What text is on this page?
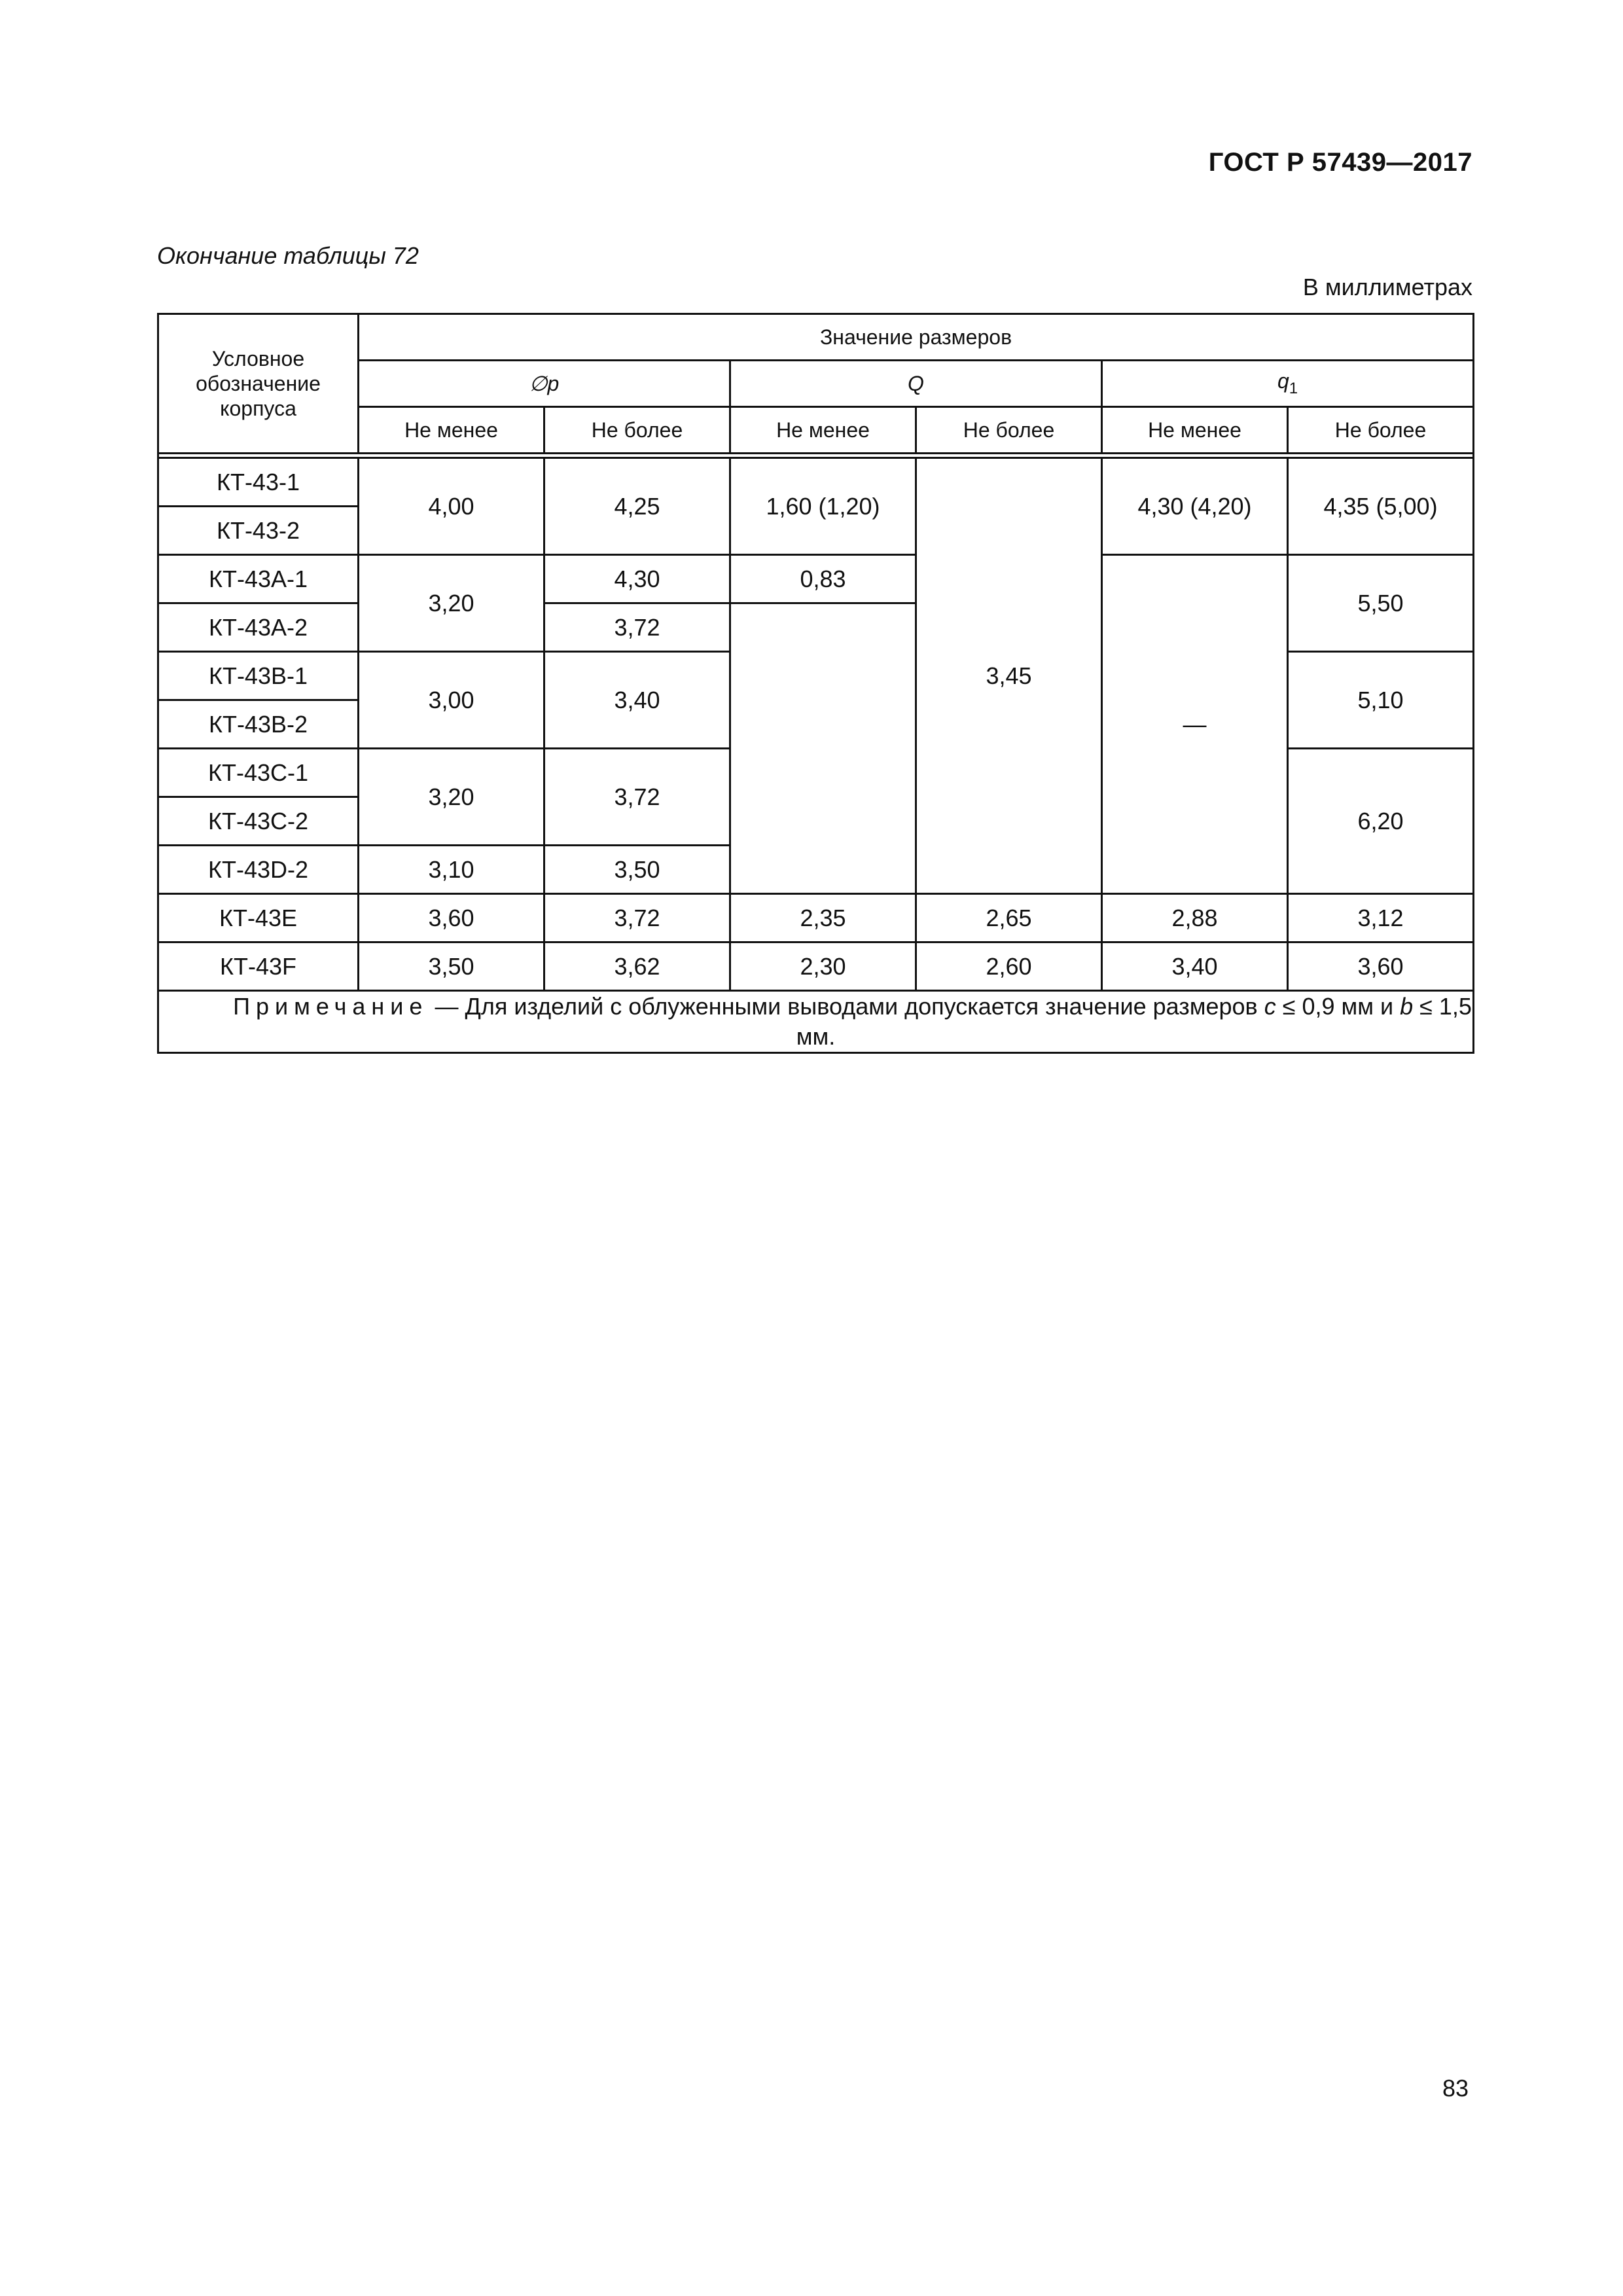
ГОСТ Р 57439—2017
Окончание таблицы 72
В миллиметрах
Условное обозначение корпуса	Значение размеров					
	∅p		Q		$q_1$
	Не менее	Не более	Не менее	Не более	Не менее	Не более

КТ-43-1	4,00	4,25	1,60 (1,20)	3,45	4,30 (4,20)	4,35 (5,00)
КТ-43-2						
КТ-43А-1	3,20	4,30	0,83		—	5,50
КТ-43А-2		3,72				
КТ-43В-1	3,00	3,40				5,10
КТ-43В-2						
КТ-43С-1	3,20	3,72				6,20
КТ-43С-2						
КТ-43D-2	3,10	3,50				
КТ-43Е	3,60	3,72	2,35	2,65	2,88	3,12
КТ-43F	3,50	3,62	2,30	2,60	3,40	3,60
Примечание — Для изделий с облуженными выводами допускается значение размеров c ≤ 0,9 мм и b ≤ 1,5 мм.						
83
